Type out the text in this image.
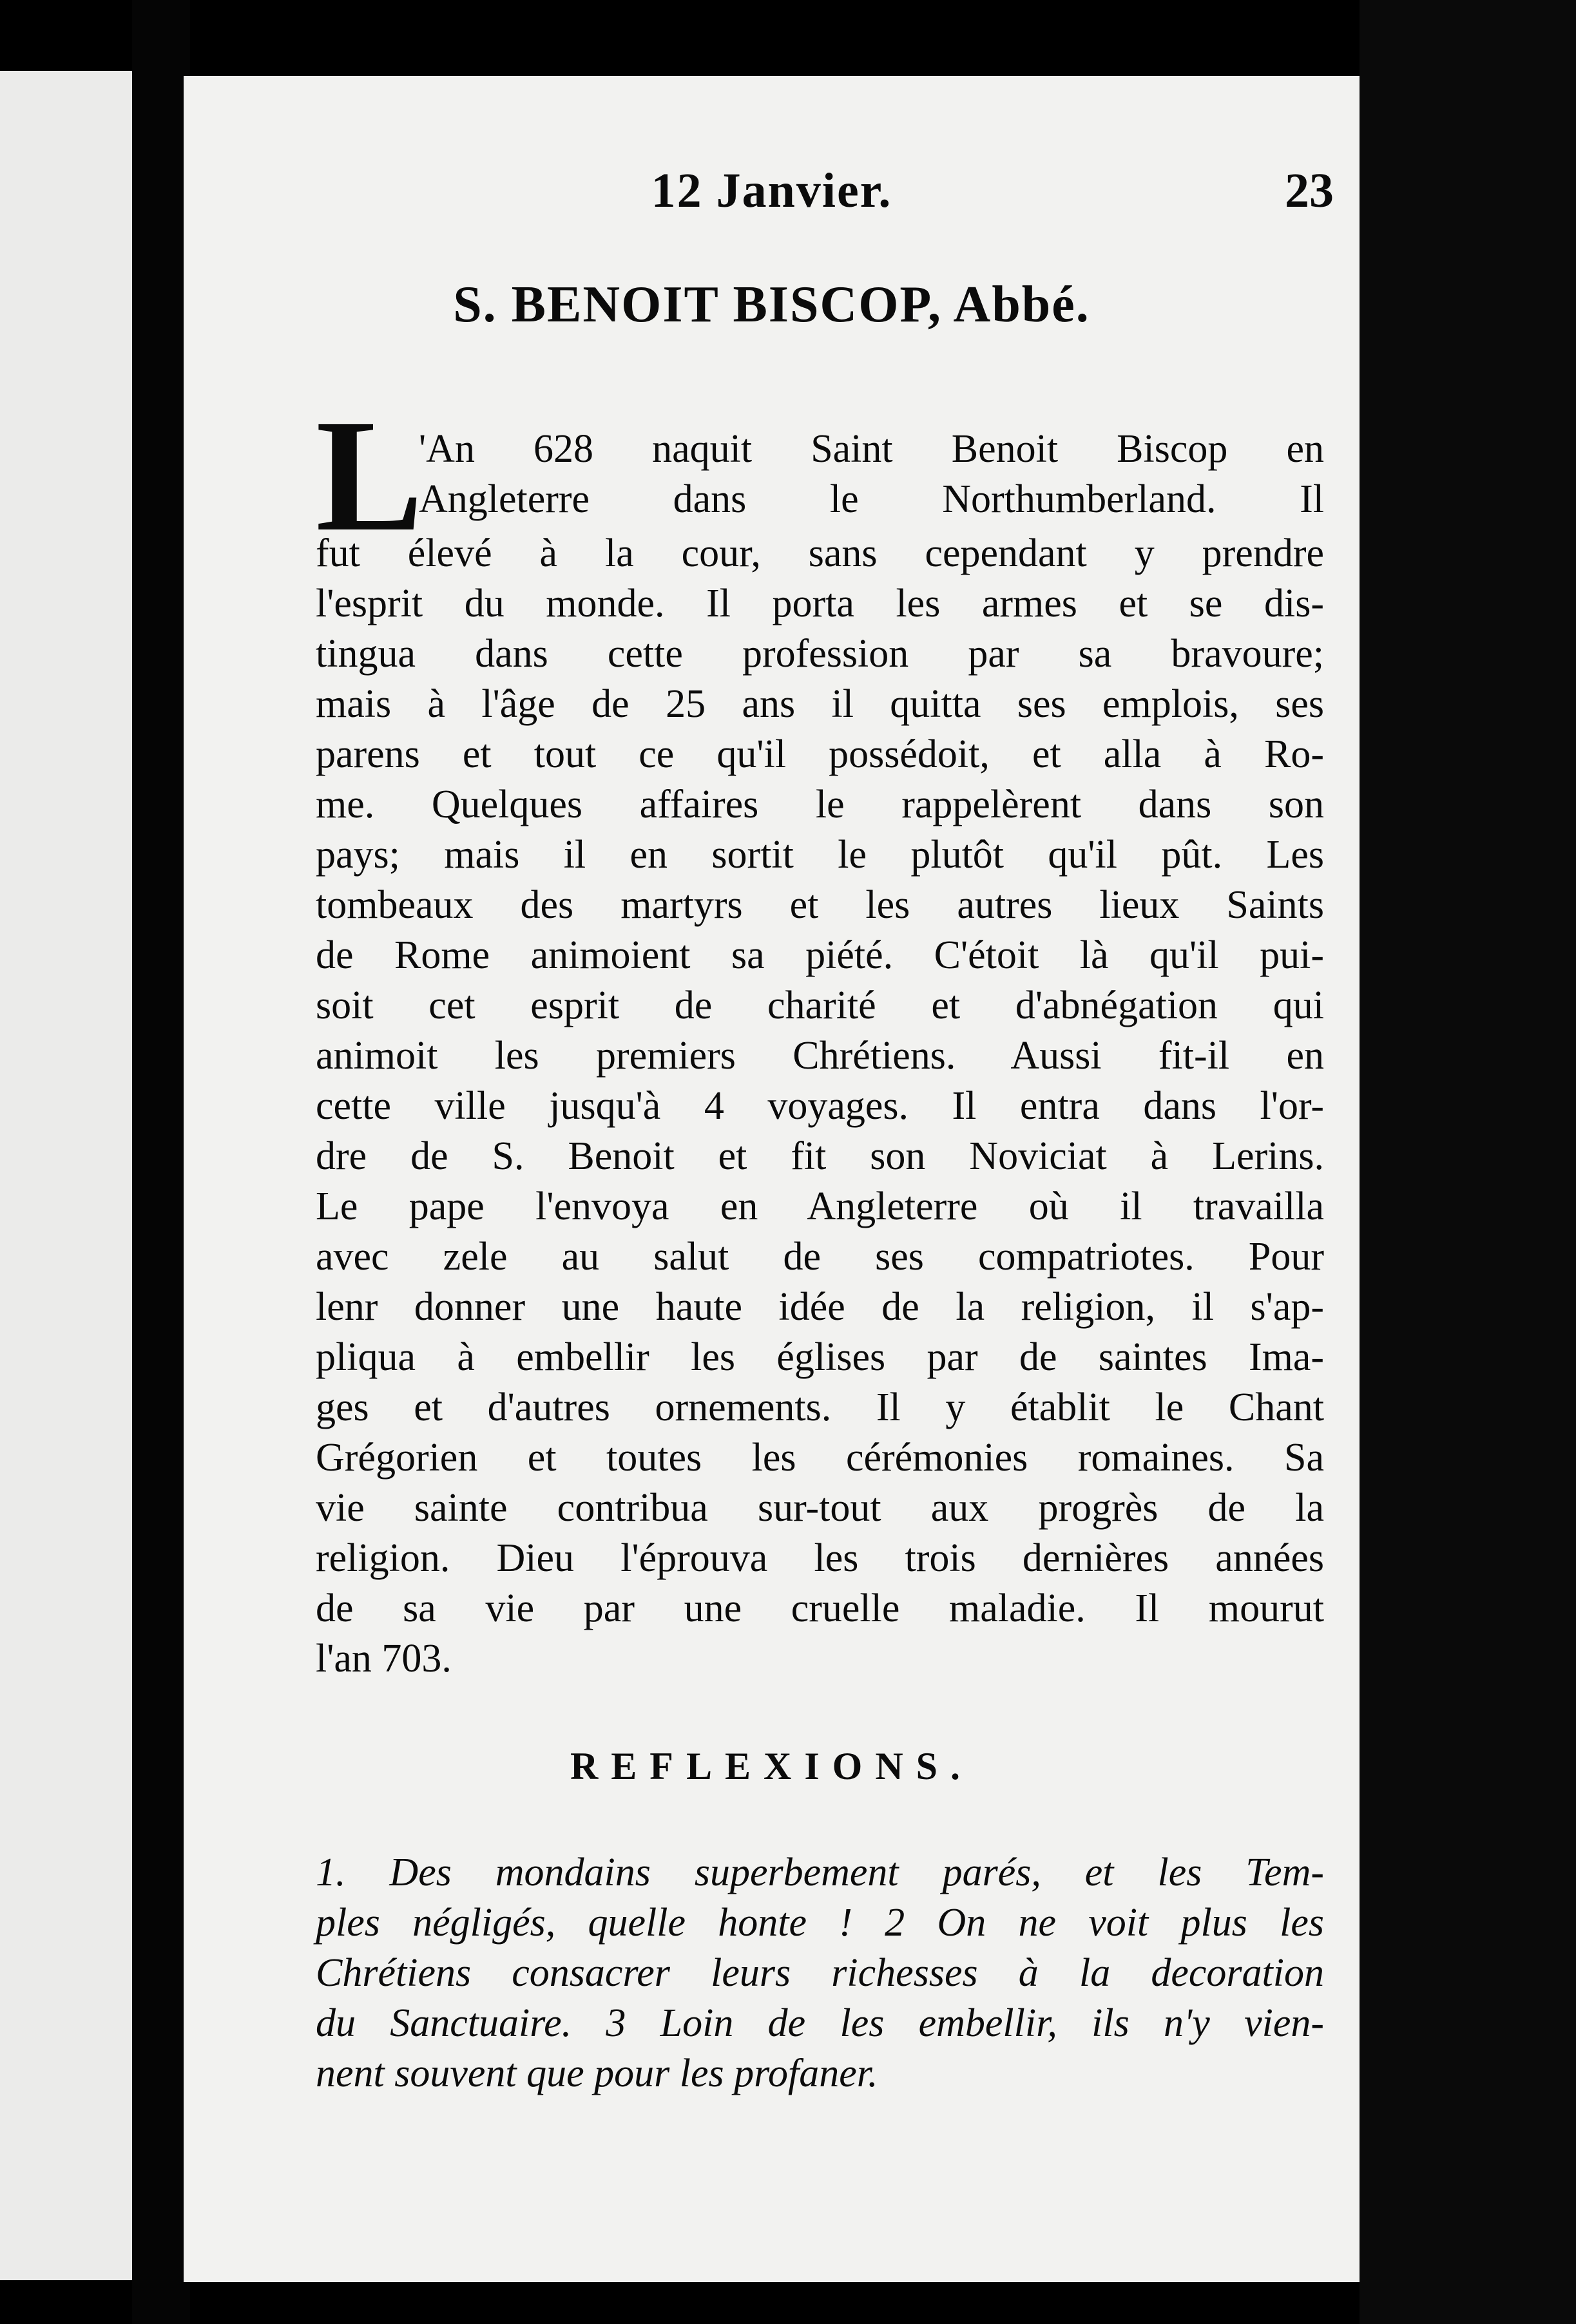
12 Janvier.	23
S. BENOIT BISCOP, Abbé.
L
'An 628 naquit Saint Benoit Biscop en
Angleterre dans le Northumberland. Il
fut élevé à la cour, sans cependant y prendre
l'esprit du monde. Il porta les armes et se dis-
tingua dans cette profession par sa bravoure;
mais à l'âge de 25 ans il quitta ses emplois, ses
parens et tout ce qu'il possédoit, et alla à Ro-
me. Quelques affaires le rappelèrent dans son
pays; mais il en sortit le plutôt qu'il pût. Les
tombeaux des martyrs et les autres lieux Saints
de Rome animoient sa piété. C'étoit là qu'il pui-
soit cet esprit de charité et d'abnégation qui
animoit les premiers Chrétiens. Aussi fit-il en
cette ville jusqu'à 4 voyages. Il entra dans l'or-
dre de S. Benoit et fit son Noviciat à Lerins.
Le pape l'envoya en Angleterre où il travailla
avec zele au salut de ses compatriotes. Pour
lenr donner une haute idée de la religion, il s'ap-
pliqua à embellir les églises par de saintes Ima-
ges et d'autres ornements. Il y établit le Chant
Grégorien et toutes les cérémonies romaines. Sa
vie sainte contribua sur-tout aux progrès de la
religion. Dieu l'éprouva les trois dernières années
de sa vie par une cruelle maladie. Il mourut
l'an 703.
REFLEXIONS.
1. Des mondains superbement parés, et les Tem-
ples négligés, quelle honte ! 2 On ne voit plus les
Chrétiens consacrer leurs richesses à la decoration
du Sanctuaire. 3 Loin de les embellir, ils n'y vien-
nent souvent que pour les profaner.
